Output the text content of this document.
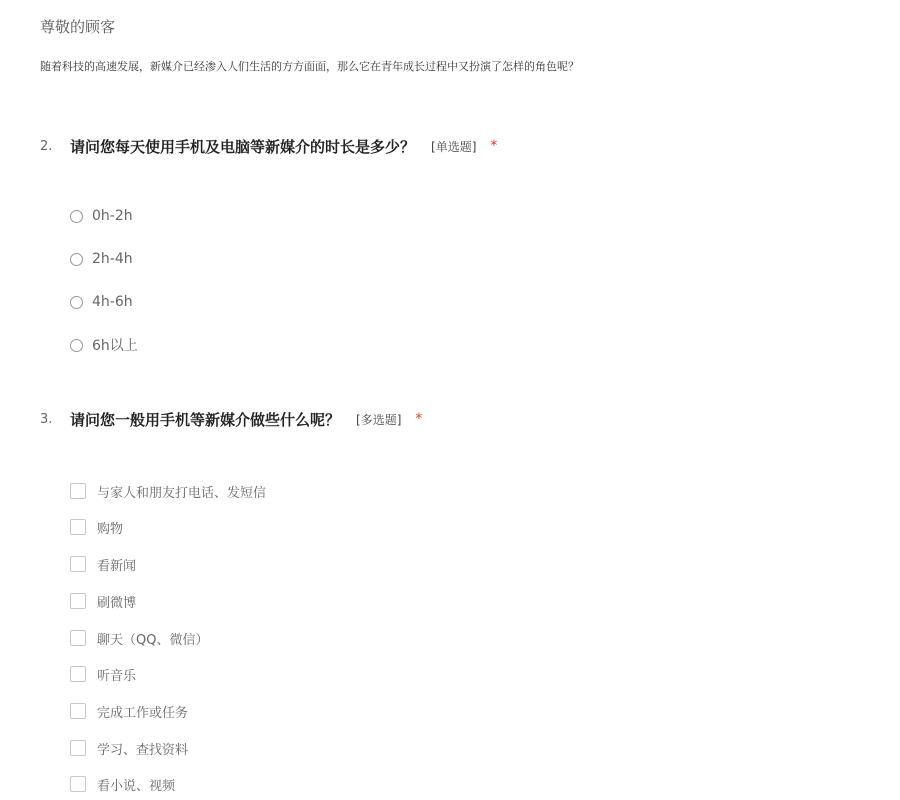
尊敬的顾客
随着科技的高速发展，新媒介已经渗入人们生活的方方面面，那么它在青年成长过程中又扮演了怎样的角色呢？
2.	请问您每天使用手机及电脑等新媒介的时长是多少？ [单选题] *
0h-2h
2h-4h
4h-6h
6h以上
3.	请问您一般用手机等新媒介做些什么呢？ [多选题] *
与家人和朋友打电话、发短信
购物
看新闻
刷微博
聊天（QQ、微信）
听音乐
完成工作或任务
学习、查找资料
看小说、视频
